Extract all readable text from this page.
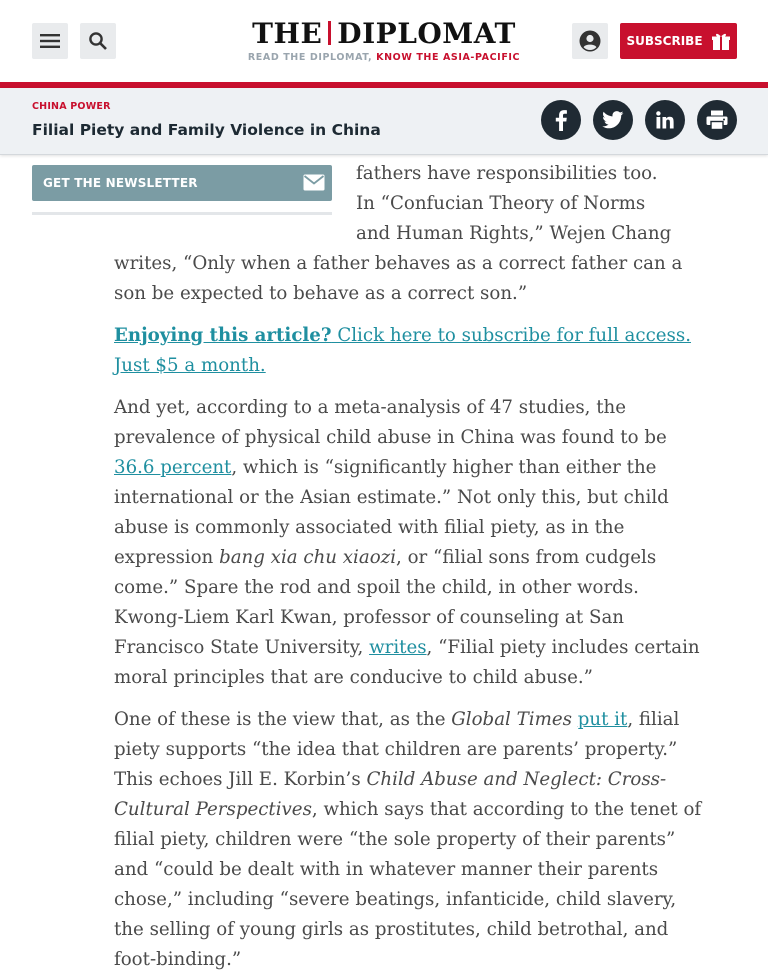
THE DIPLOMAT
READ THE DIPLOMAT, KNOW THE ASIA-PACIFIC
SUBSCRIBE
CHINA POWER
Filial Piety and Family Violence in China
GET THE NEWSLETTER	fathers have responsibilities too.
In “Confucian Theory of Norms
and Human Rights,” Wejen Chang
writes, “Only when a father behaves as a correct father can a
son be expected to behave as a correct son.”
Enjoying this article? Click here to subscribe for full access.
Just $5 a month.
And yet, according to a meta-analysis of 47 studies, the
prevalence of physical child abuse in China was found to be
36.6 percent, which is “significantly higher than either the
international or the Asian estimate.” Not only this, but child
abuse is commonly associated with filial piety, as in the
expression bang xia chu xiaozi, or “filial sons from cudgels
come.” Spare the rod and spoil the child, in other words.
Kwong-Liem Karl Kwan, professor of counseling at San
Francisco State University, writes, “Filial piety includes certain
moral principles that are conducive to child abuse.”
One of these is the view that, as the Global Times put it, filial
piety supports “the idea that children are parents’ property.”
This echoes Jill E. Korbin’s Child Abuse and Neglect: Cross-
Cultural Perspectives, which says that according to the tenet of
filial piety, children were “the sole property of their parents”
and “could be dealt with in whatever manner their parents
chose,” including “severe beatings, infanticide, child slavery,
the selling of young girls as prostitutes, child betrothal, and
foot-binding.”
